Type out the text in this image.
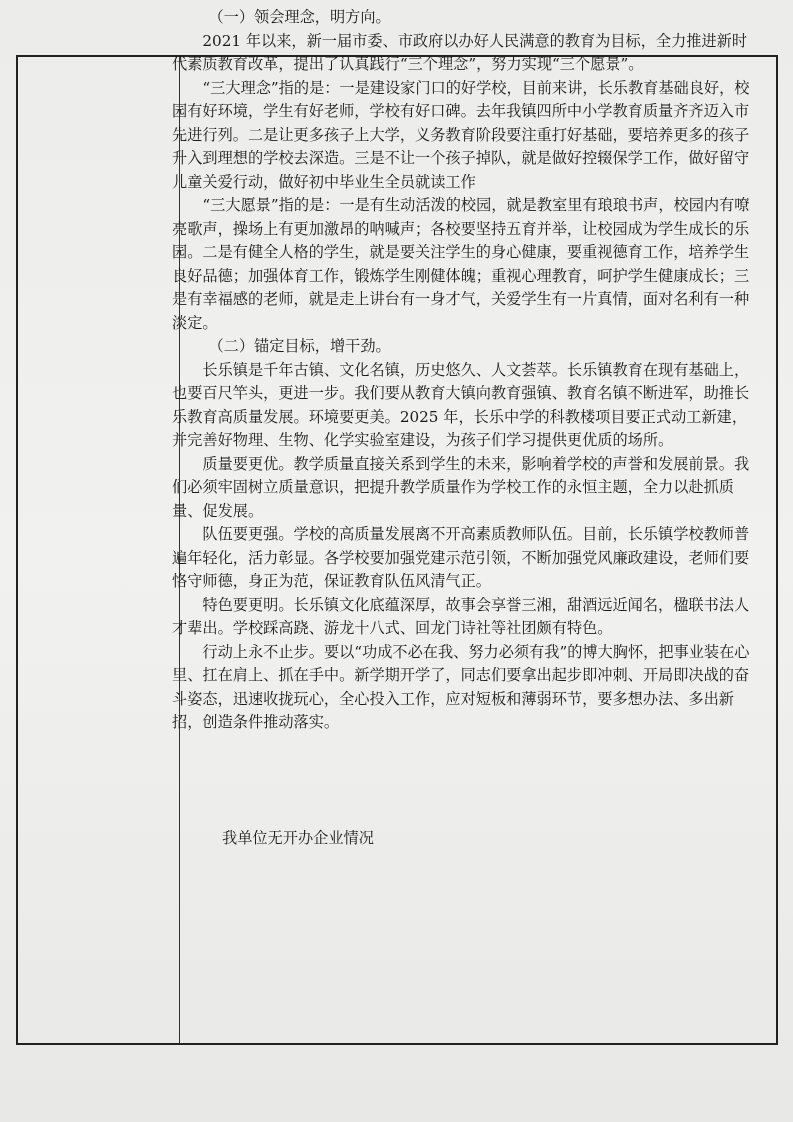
（一）领会理念，明方向。

2021 年以来，新一届市委、市政府以办好人民满意的教育为目标，全力推进新时代素质教育改革，提出了认真践行“三个理念”，努力实现“三个愿景”。

“三大理念”指的是：一是建设家门口的好学校，目前来讲，长乐教育基础良好，校园有好环境，学生有好老师，学校有好口碑。去年我镇四所中小学教育质量齐齐迈入市先进行列。二是让更多孩子上大学，义务教育阶段要注重打好基础，要培养更多的孩子升入到理想的学校去深造。三是不让一个孩子掉队，就是做好控辍保学工作，做好留守儿童关爱行动，做好初中毕业生全员就读工作

“三大愿景”指的是：一是有生动活泼的校园，就是教室里有琅琅书声，校园内有嘹亮歌声，操场上有更加激昂的呐喊声；各校要坚持五育并举，让校园成为学生成长的乐园。二是有健全人格的学生，就是要关注学生的身心健康，要重视德育工作，培养学生良好品德；加强体育工作，锻炼学生刚健体魄；重视心理教育，呵护学生健康成长；三是有幸福感的老师，就是走上讲台有一身才气，关爱学生有一片真情，面对名利有一种淡定。

（二）锚定目标，增干劲。

长乐镇是千年古镇、文化名镇，历史悠久、人文荟萃。长乐镇教育在现有基础上，也要百尺竿头，更进一步。我们要从教育大镇向教育强镇、教育名镇不断进军，助推长乐教育高质量发展。环境要更美。2025 年，长乐中学的科教楼项目要正式动工新建，并完善好物理、生物、化学实验室建设，为孩子们学习提供更优质的场所。

质量要更优。教学质量直接关系到学生的未来，影响着学校的声誉和发展前景。我们必须牢固树立质量意识，把提升教学质量作为学校工作的永恒主题，全力以赴抓质量、促发展。

队伍要更强。学校的高质量发展离不开高素质教师队伍。目前，长乐镇学校教师普遍年轻化，活力彰显。各学校要加强党建示范引领，不断加强党风廉政建设，老师们要恪守师德，身正为范，保证教育队伍风清气正。

特色要更明。长乐镇文化底蕴深厚，故事会享誉三湘，甜酒远近闻名，楹联书法人才辈出。学校踩高跷、游龙十八式、回龙门诗社等社团颇有特色。

行动上永不止步。要以“功成不必在我、努力必须有我”的博大胸怀，把事业装在心里、扛在肩上、抓在手中。新学期开学了，同志们要拿出起步即冲刺、开局即决战的奋斗姿态，迅速收拢玩心，全心投入工作，应对短板和薄弱环节，要多想办法、多出新招，创造条件推动落实。

我单位无开办企业情况
